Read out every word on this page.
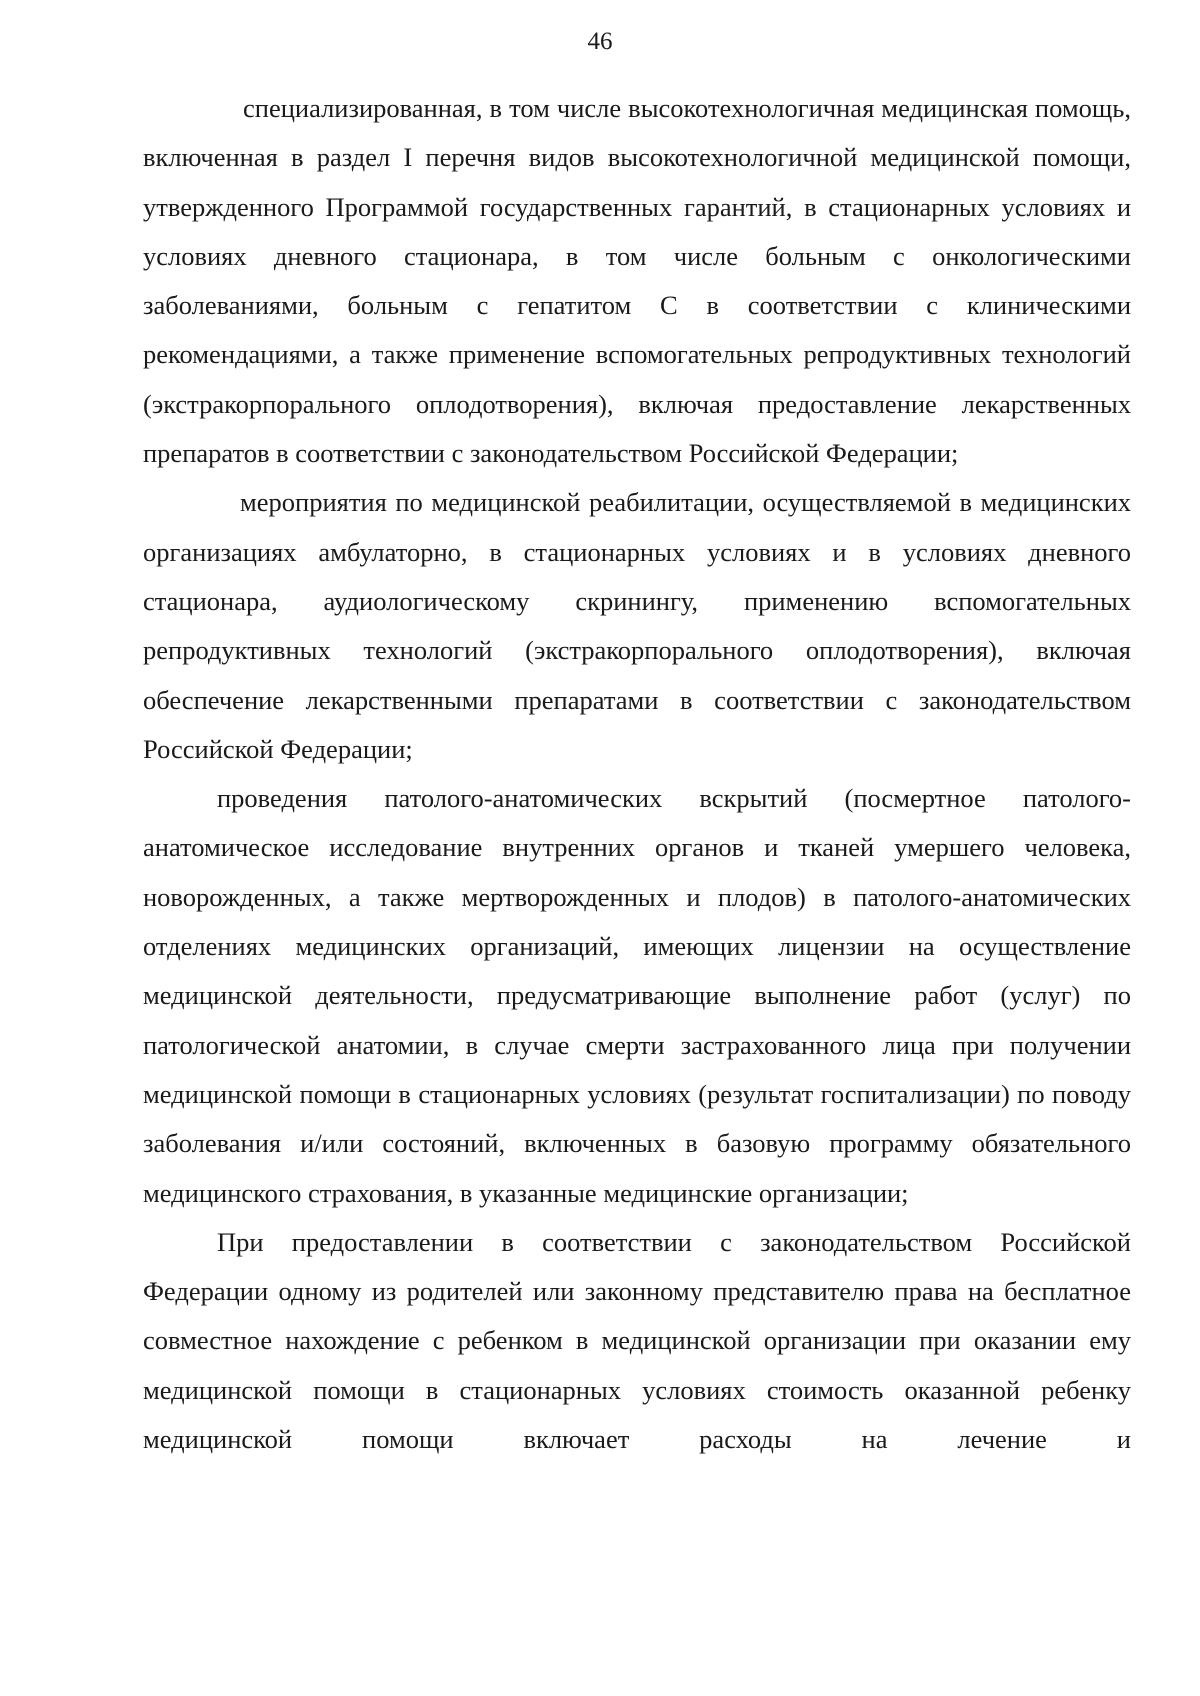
46

специализированная, в том числе высокотехнологичная медицинская помощь, включенная в раздел I перечня видов высокотехнологичной медицинской помощи, утвержденного Программой государственных гарантий, в стационарных условиях и условиях дневного стационара, в том числе больным с онкологическими заболеваниями, больным с гепатитом С в соответствии с клиническими рекомендациями, а также применение вспомогательных репродуктивных технологий (экстракорпорального оплодотворения), включая предоставление лекарственных препаратов в соответствии с законодательством Российской Федерации;

мероприятия по медицинской реабилитации, осуществляемой в медицинских организациях амбулаторно, в стационарных условиях и в условиях дневного стационара, аудиологическому скринингу, применению вспомогательных репродуктивных технологий (экстракорпорального оплодотворения), включая обеспечение лекарственными препаратами в соответствии с законодательством Российской Федерации;

проведения патолого-анатомических вскрытий (посмертное патолого-анатомическое исследование внутренних органов и тканей умершего человека, новорожденных, а также мертворожденных и плодов) в патолого-анатомических отделениях медицинских организаций, имеющих лицензии на осуществление медицинской деятельности, предусматривающие выполнение работ (услуг) по патологической анатомии, в случае смерти застрахованного лица при получении медицинской помощи в стационарных условиях (результат госпитализации) по поводу заболевания и/или состояний, включенных в базовую программу обязательного медицинского страхования, в указанные медицинские организации;

При предоставлении в соответствии с законодательством Российской Федерации одному из родителей или законному представителю права на бесплатное совместное нахождение с ребенком в медицинской организации при оказании ему медицинской помощи в стационарных условиях стоимость оказанной ребенку медицинской помощи включает расходы на лечение и
